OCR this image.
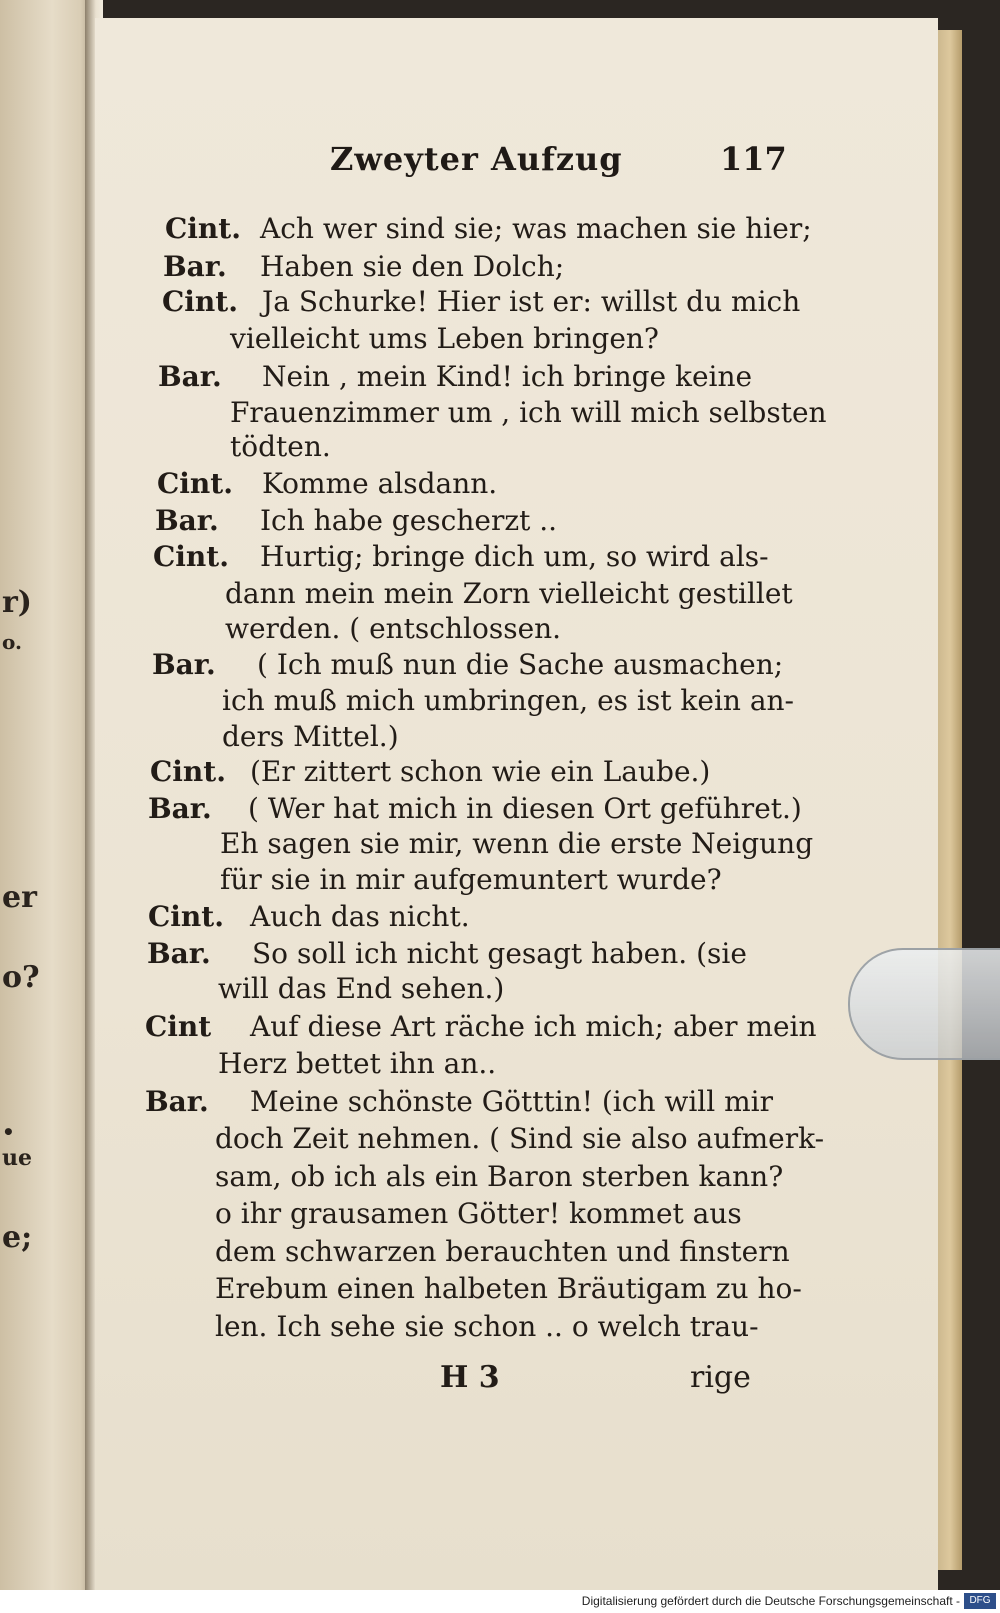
r)
o.
er
o?
•
ue
e;
Zweyter Aufzug	117
Cint. Ach wer sind sie; was machen sie hier;
Bar. Haben sie den Dolch;
Cint. Ja Schurke! Hier ist er: willst du mich
vielleicht ums Leben bringen?
Bar. Nein , mein Kind! ich bringe keine
Frauenzimmer um , ich will mich selbsten
tödten.
Cint. Komme alsdann.
Bar. Ich habe gescherzt ..
Cint. Hurtig; bringe dich um, so wird als-
dann mein mein Zorn vielleicht gestillet
werden. ( entschlossen.
Bar. ( Ich muß nun die Sache ausmachen;
ich muß mich umbringen, es ist kein an-
ders Mittel.)
Cint. (Er zittert schon wie ein Laube.)
Bar. ( Wer hat mich in diesen Ort geführet.)
Eh sagen sie mir, wenn die erste Neigung
für sie in mir aufgemuntert wurde?
Cint. Auch das nicht.
Bar. So soll ich nicht gesagt haben. (sie
will das End sehen.)
Cint Auf diese Art räche ich mich; aber mein
Herz bettet ihn an..
Bar. Meine schönste Götttin! (ich will mir
doch Zeit nehmen. ( Sind sie also aufmerk-
sam, ob ich als ein Baron sterben kann?
o ihr grausamen Götter! kommet aus
dem schwarzen berauchten und finstern
Erebum einen halbeten Bräutigam zu ho-
len. Ich sehe sie schon .. o welch trau-
H 3	rige
Digitalisierung gefördert durch die Deutsche Forschungsgemeinschaft - DFG
